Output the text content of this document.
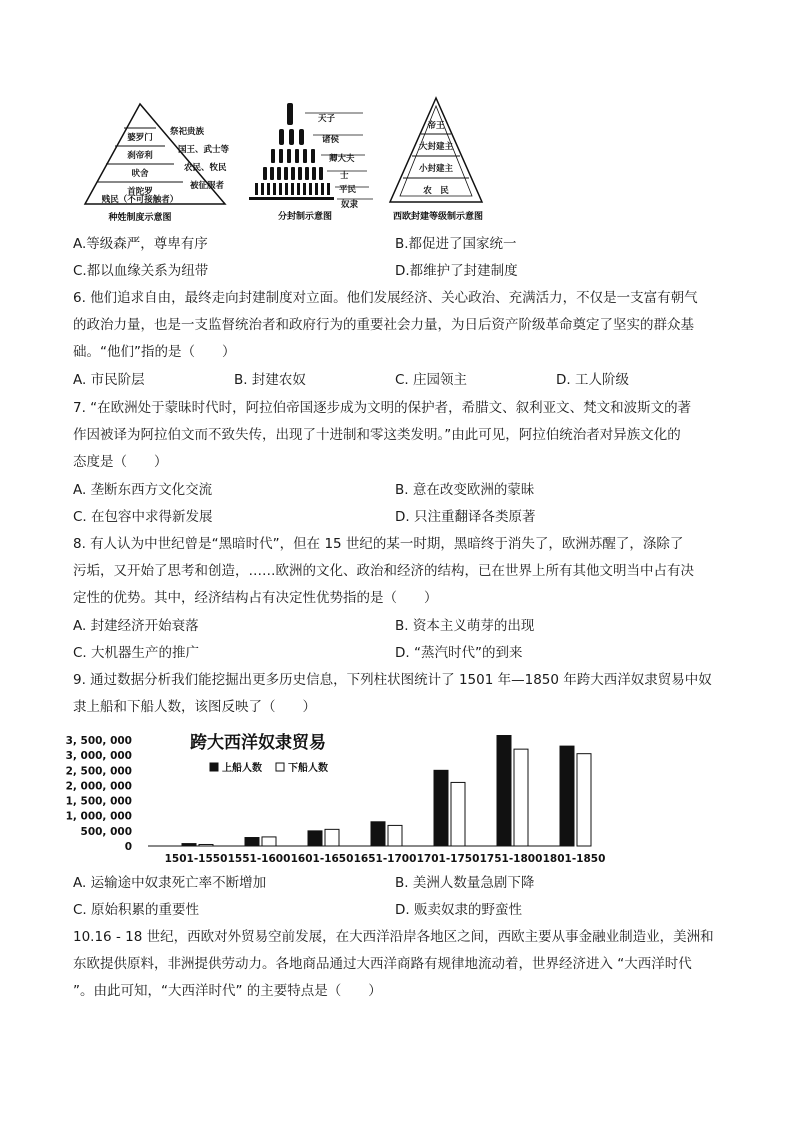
婆罗门
刹帝利
吠舍
首陀罗
贱民（不可接触者）
祭祀贵族
国王、武士等
农民、牧民
被征服者
种姓制度示意图
天子
诸侯
卿大夫
士
平民
奴隶
分封制示意图
帝王
大封建主
小封建主
农　民
西欧封建等级制示意图
A.等级森严，尊卑有序	B.都促进了国家统一
C.都以血缘关系为纽带	D.都维护了封建制度
6. 他们追求自由，最终走向封建制度对立面。他们发展经济、关心政治、充满活力，不仅是一支富有朝气
的政治力量，也是一支监督统治者和政府行为的重要社会力量，为日后资产阶级革命奠定了坚实的群众基
础。“他们”指的是（　　）
A. 市民阶层	B. 封建农奴	C. 庄园领主	D. 工人阶级
7. “在欧洲处于蒙昧时代时，阿拉伯帝国逐步成为文明的保护者，希腊文、叙利亚文、梵文和波斯文的著
作因被译为阿拉伯文而不致失传，出现了十进制和零这类发明。”由此可见，阿拉伯统治者对异族文化的
态度是（　　）
A. 垄断东西方文化交流	B. 意在改变欧洲的蒙昧
C. 在包容中求得新发展	D. 只注重翻译各类原著
8. 有人认为中世纪曾是“黑暗时代”，但在 15 世纪的某一时期，黑暗终于消失了，欧洲苏醒了，涤除了
污垢，又开始了思考和创造，……欧洲的文化、政治和经济的结构，已在世界上所有其他文明当中占有决
定性的优势。其中，经济结构占有决定性优势指的是（　　）
A. 封建经济开始衰落	B. 资本主义萌芽的出现
C. 大机器生产的推广	D. “蒸汽时代”的到来
9. 通过数据分析我们能挖掘出更多历史信息，下列柱状图统计了 1501 年—1850 年跨大西洋奴隶贸易中奴
隶上船和下船人数，该图反映了（　　）
跨大西洋奴隶贸易
3, 500, 000
3, 000, 000
2, 500, 000
2, 000, 000
1, 500, 000
1, 000, 000
500, 000
0
上船人数	下船人数
1501-1550 1551-1600 1601-1650 1651-1700 1701-1750 1751-1800 1801-1850
A. 运输途中奴隶死亡率不断增加	B. 美洲人数量急剧下降
C. 原始积累的重要性	D. 贩卖奴隶的野蛮性
10.16 - 18 世纪，西欧对外贸易空前发展，在大西洋沿岸各地区之间，西欧主要从事金融业制造业，美洲和
东欧提供原料，非洲提供劳动力。各地商品通过大西洋商路有规律地流动着，世界经济进入 “大西洋时代
”。由此可知，“大西洋时代” 的主要特点是（　　）
